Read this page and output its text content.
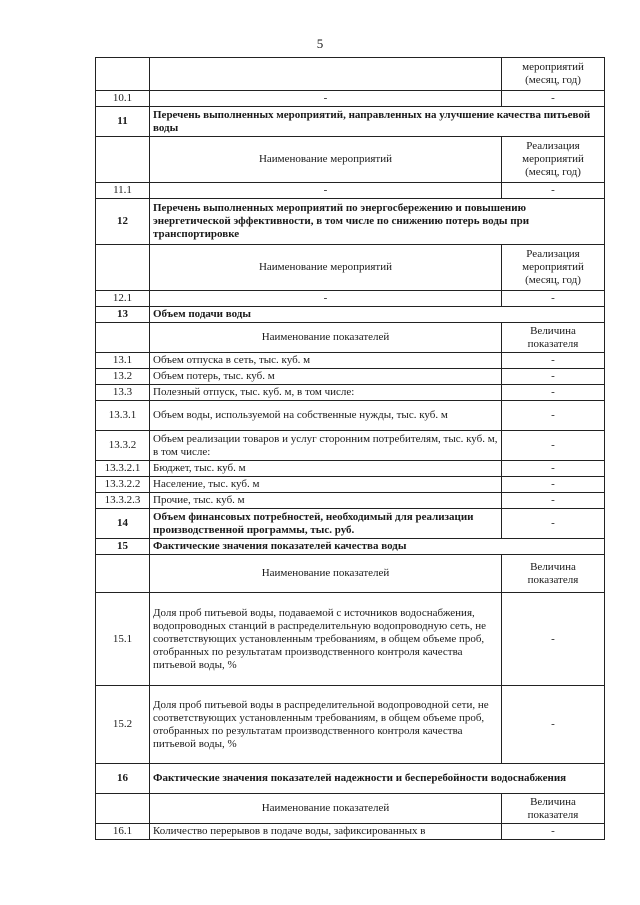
5
		мероприятий (месяц, год)
10.1	-	-
11	Перечень выполненных мероприятий, направленных на улучшение качества питьевой воды	
	Наименование мероприятий	Реализация мероприятий (месяц, год)
11.1	-	-
12	Перечень выполненных мероприятий по энергосбережению и повышению энергетической эффективности, в том числе по снижению потерь воды при транспортировке	
	Наименование мероприятий	Реализация мероприятий (месяц, год)
12.1	-	-
13	Объем подачи воды	
	Наименование показателей	Величина показателя
13.1	Объем отпуска в сеть, тыс. куб. м	-
13.2	Объем потерь, тыс. куб. м	-
13.3	Полезный отпуск, тыс. куб. м, в том числе:	-
13.3.1	Объем воды, используемой на собственные нужды, тыс. куб. м	-
13.3.2	Объем реализации товаров и услуг сторонним потребителям, тыс. куб. м, в том числе:	-
13.3.2.1	Бюджет, тыс. куб. м	-
13.3.2.2	Население, тыс. куб. м	-
13.3.2.3	Прочие, тыс. куб. м	-
14	Объем финансовых потребностей, необходимый для реализации производственной программы, тыс. руб.	-
15	Фактические значения показателей качества воды	
	Наименование показателей	Величина показателя
15.1	Доля проб питьевой воды, подаваемой с источников водоснабжения, водопроводных станций в распределительную водопроводную сеть, не соответствующих установленным требованиям, в общем объеме проб, отобранных по результатам производственного контроля качества питьевой воды, %	-
15.2	Доля проб питьевой воды в распределительной водопроводной сети, не соответствующих установленным требованиям, в общем объеме проб, отобранных по результатам производственного контроля качества питьевой воды, %	-
16	Фактические значения показателей надежности и бесперебойности водоснабжения	
	Наименование показателей	Величина показателя
16.1	Количество перерывов в подаче воды, зафиксированных в	-
